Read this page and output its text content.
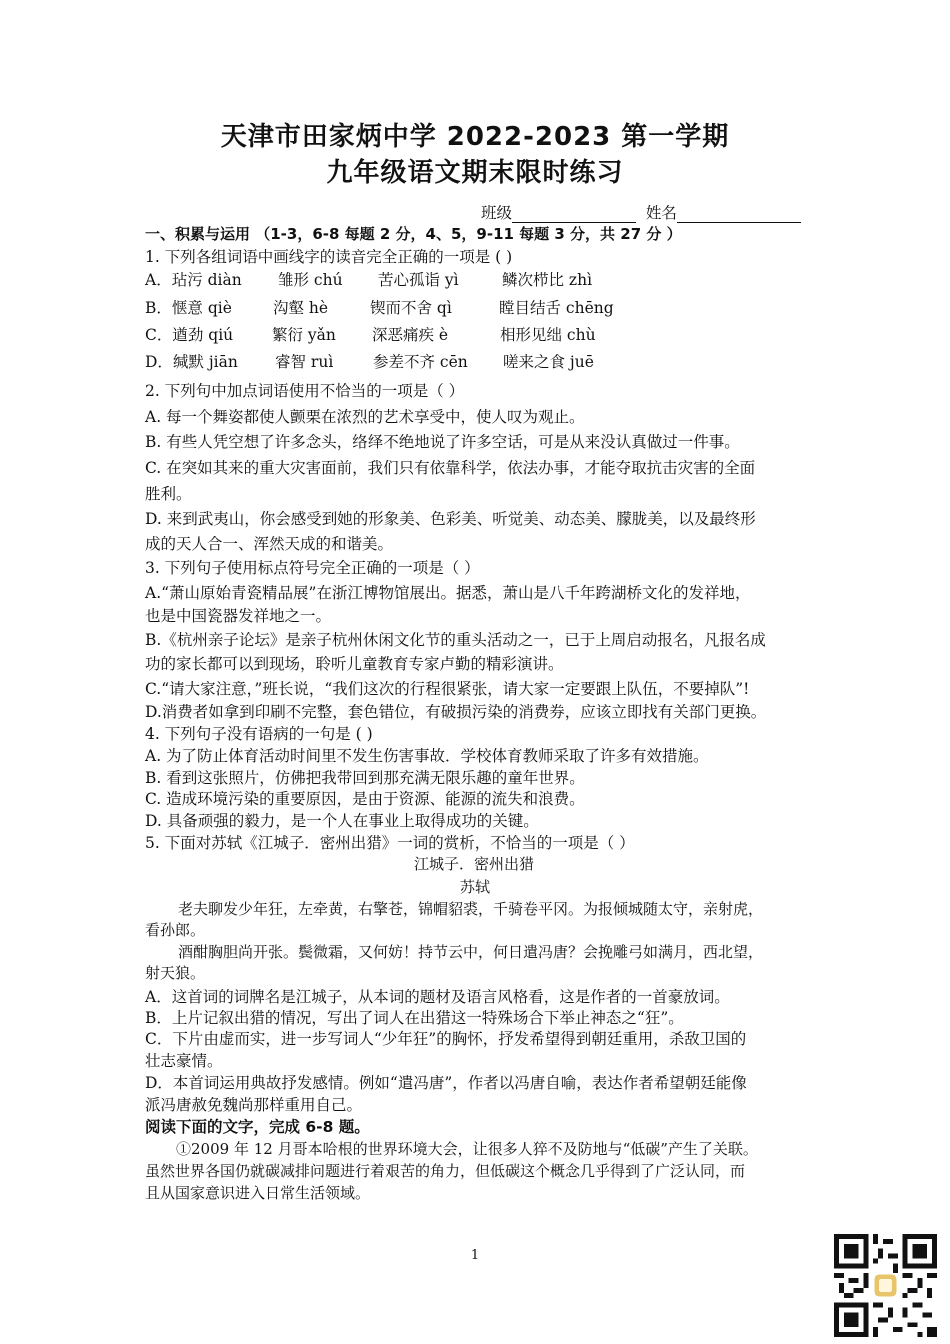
天津市田家炳中学 2022-2023 第一学期
九年级语文期末限时练习
班级	姓名
一、积累与运用 （1-3，6-8 每题 2 分，4、5，9-11 每题 3 分，共 27 分 ）
1. 下列各组词语中画线字的读音完全正确的一项是 ( )
A．玷污 diàn 雏形 chú 苦心孤诣 yì	鳞次栉比 zhì
B．惬意 qiè	沟壑 hè	锲而不舍 qì	瞠目结舌 chēng
C．遒劲 qiú	繁衍 yǎn 深恶痛疾 è	相形见绌 chù
D．缄默 jiān 睿智 ruì	参差不齐 cēn 嗟来之食 juē
2. 下列句中加点词语使用不恰当的一项是（ ）
A. 每一个舞姿都使人颤栗在浓烈的艺术享受中，使人叹为观止。
B. 有些人凭空想了许多念头，络绎不绝地说了许多空话，可是从来没认真做过一件事。
C. 在突如其来的重大灾害面前，我们只有依靠科学，依法办事，才能夺取抗击灾害的全面
胜利。
D. 来到武夷山，你会感受到她的形象美、色彩美、听觉美、动态美、朦胧美，以及最终形
成的天人合一、浑然天成的和谐美。
3. 下列句子使用标点符号完全正确的一项是（ ）
A.“萧山原始青瓷精品展”在浙江博物馆展出。据悉，萧山是八千年跨湖桥文化的发祥地，
也是中国瓷器发祥地之一。
B.《杭州亲子论坛》是亲子杭州休闲文化节的重头活动之一，已于上周启动报名，凡报名成
功的家长都可以到现场，聆听儿童教育专家卢勤的精彩演讲。
C.“请大家注意，”班长说，“我们这次的行程很紧张，请大家一定要跟上队伍，不要掉队”!
D.消费者如拿到印刷不完整，套色错位，有破损污染的消费券，应该立即找有关部门更换。
4. 下列句子没有语病的一句是 ( )
A. 为了防止体育活动时间里不发生伤害事故．学校体育教师采取了许多有效措施。
B. 看到这张照片，仿佛把我带回到那充满无限乐趣的童年世界。
C. 造成环境污染的重要原因，是由于资源、能源的流失和浪费。
D. 具备顽强的毅力，是一个人在事业上取得成功的关键。
5. 下面对苏轼《江城子．密州出猎》一词的赏析，不恰当的一项是（ ）
江城子．密州出猎
苏轼
老夫聊发少年狂，左牵黄，右擎苍，锦帽貂裘，千骑卷平冈。为报倾城随太守，亲射虎，
看孙郎。
酒酣胸胆尚开张。鬓微霜，又何妨！持节云中，何日遣冯唐？会挽雕弓如满月，西北望，
射天狼。
A．这首词的词牌名是江城子，从本词的题材及语言风格看，这是作者的一首豪放词。
B．上片记叙出猎的情况，写出了词人在出猎这一特殊场合下举止神态之“狂”。
C．下片由虚而实，进一步写词人“少年狂”的胸怀，抒发希望得到朝廷重用，杀敌卫国的
壮志豪情。
D．本首词运用典故抒发感情。例如“遣冯唐”，作者以冯唐自喻，表达作者希望朝廷能像
派冯唐赦免魏尚那样重用自己。
阅读下面的文字，完成 6-8 题。
①2009 年 12 月哥本哈根的世界环境大会，让很多人猝不及防地与“低碳”产生了关联。
虽然世界各国仍就碳减排问题进行着艰苦的角力，但低碳这个概念几乎得到了广泛认同，而
且从国家意识进入日常生活领域。
1
